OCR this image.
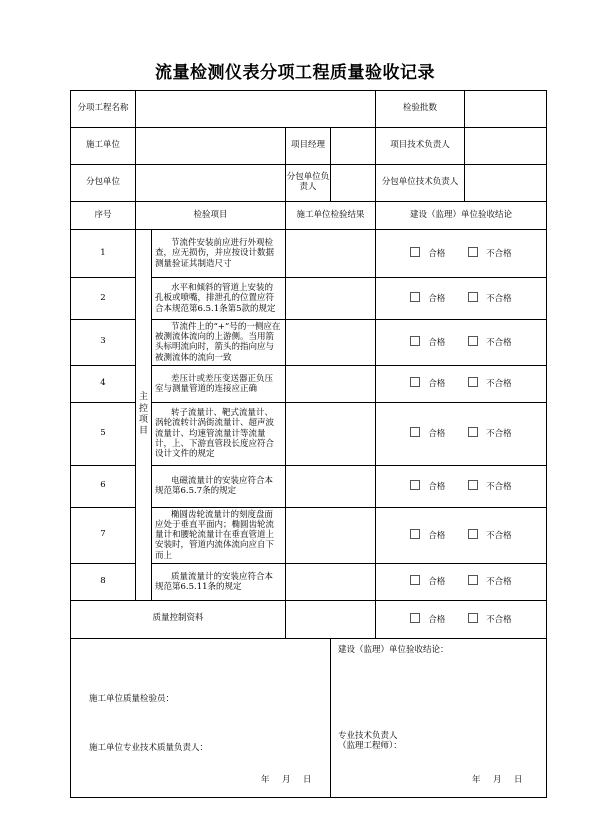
流量检测仪表分项工程质量验收记录
分项工程名称					检验批数	
施工单位			项目经理		项目技术负责人	
分包单位			分包单位负责人		分包单位技术负责人	
序号	检验项目		施工单位检验结果		建设（监理）单位验收结论	
1	主控项目	节流件安装前应进行外观检查，应无损伤，并应按设计数据测量验证其制造尺寸			合格 不合格	
2		水平和倾斜的管道上安装的孔板或喷嘴，排泄孔的位置应符合本规范第6.5.1条第5款的规定			合格 不合格	
3		节流件上的“+”号的一侧应在被测流体流向的上游侧。当用箭头标明流向时，箭头的指向应与被测流体的流向一致			合格 不合格	
4		差压计或差压变送器正负压室与测量管道的连接应正确			合格 不合格	
5		转子流量计、靶式流量计、涡轮流转计涡街流量计、超声波流量计、均速管流量计等流量计，上、下游直管段长度应符合设计文件的规定			合格 不合格	
6		电磁流量计的安装应符合本规范第6.5.7条的规定			合格 不合格	
7		椭圆齿轮流量计的刻度盘面应处于垂直平面内；椭圆齿轮流量计和腰轮流量计在垂直管道上安装时，管道内流体流向应自下而上			合格 不合格	
8		质量流量计的安装应符合本规范第6.5.11条的规定			合格 不合格	
质量控制资料					合格 不合格	

施工单位质量检验员：
施工单位专业技术质量负责人：
年　月　日				建设（监理）单位验收结论：
专业技术负责人
（监理工程师）：
年　月　日		
